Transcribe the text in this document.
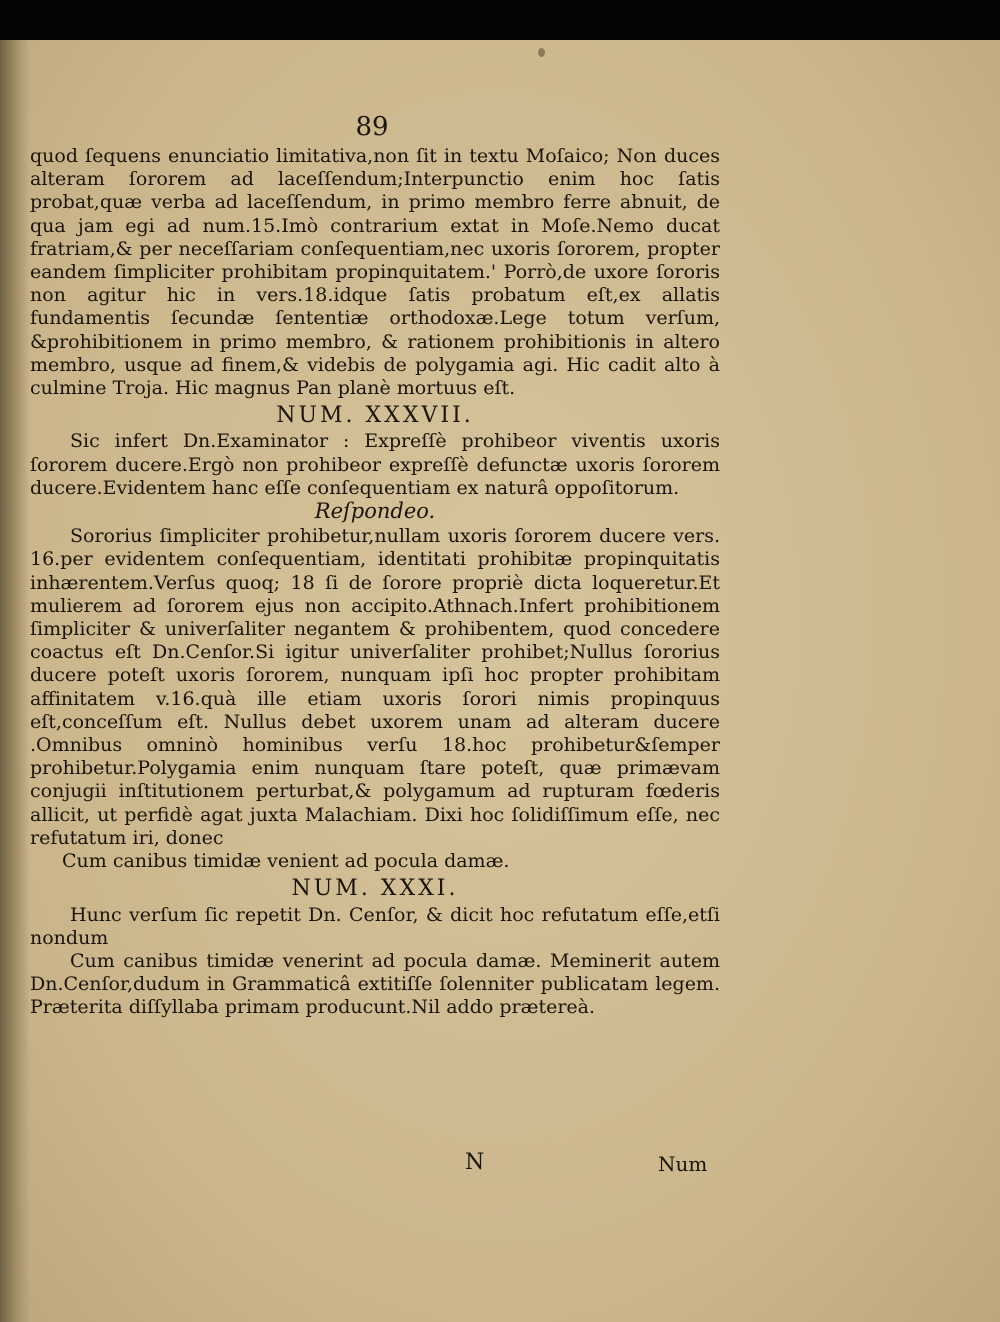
89

quod ſequens enunciatio limitativa,non ſit in textu Moſaico; Non duces alteram ſororem ad laceſſendum;Interpunctio enim hoc ſatis probat,quæ verba ad laceſſendum, in primo membro ferre abnuit, de qua jam egi ad num.15.Imò contrarium extat in Moſe.Nemo ducat fratriam,& per neceſſariam conſequentiam,nec uxoris ſororem, propter eandem ſimpliciter prohibitam propinquitatem.' Porrò,de uxore ſororis non agitur hic in vers.18.idque ſatis probatum eſt,ex allatis fundamentis ſecundæ ſententiæ orthodoxæ.Lege totum verſum, &prohibitionem in primo membro, & rationem prohibitionis in altero membro, usque ad finem,& videbis de polygamia agi. Hic cadit alto à culmine Troja. Hic magnus Pan planè mortuus eſt.

NUM. XXXVII.

Sic infert Dn.Examinator : Expreſſè prohibeor viventis uxoris ſororem ducere.Ergò non prohibeor expreſſè defunctæ uxoris ſororem ducere.Evidentem hanc eſſe conſequentiam ex naturâ oppoſitorum.

Reſpondeo.

Sororius ſimpliciter prohibetur,nullam uxoris ſororem ducere vers. 16.per evidentem conſequentiam, identitati prohibitæ propinquitatis inhærentem.Verſus quoq; 18 ſi de ſorore propriè dicta loqueretur.Et mulierem ad ſororem ejus non accipito.Athnach.Infert prohibitionem ſimpliciter & univerſaliter negantem & prohibentem, quod concedere coactus eſt Dn.Cenſor.Si igitur univerſaliter prohibet;Nullus ſororius ducere poteſt uxoris ſororem, nunquam ipſi hoc propter prohibitam affinitatem v.16.quà ille etiam uxoris ſorori nimis propinquus eſt,conceſſum eſt. Nullus debet uxorem unam ad alteram ducere .Omnibus omninò hominibus verſu 18.hoc prohibetur&ſemper prohibetur.Polygamia enim nunquam ſtare poteſt, quæ primævam conjugii inſtitutionem perturbat,& polygamum ad rupturam fœderis allicit, ut perfidè agat juxta Malachiam. Dixi hoc ſolidiſſimum eſſe, nec refutatum iri, donec

Cum canibus timidæ venient ad pocula damæ.

NUM. XXXI.

Hunc verſum ſic repetit Dn. Cenſor, & dicit hoc refutatum eſſe,etſi nondum

Cum canibus timidæ venerint ad pocula damæ. Meminerit autem Dn.Cenſor,dudum in Grammaticâ extitiſſe ſolenniter publicatam legem. Præterita diſſyllaba primam producunt.Nil addo prætereà.

N	Num
